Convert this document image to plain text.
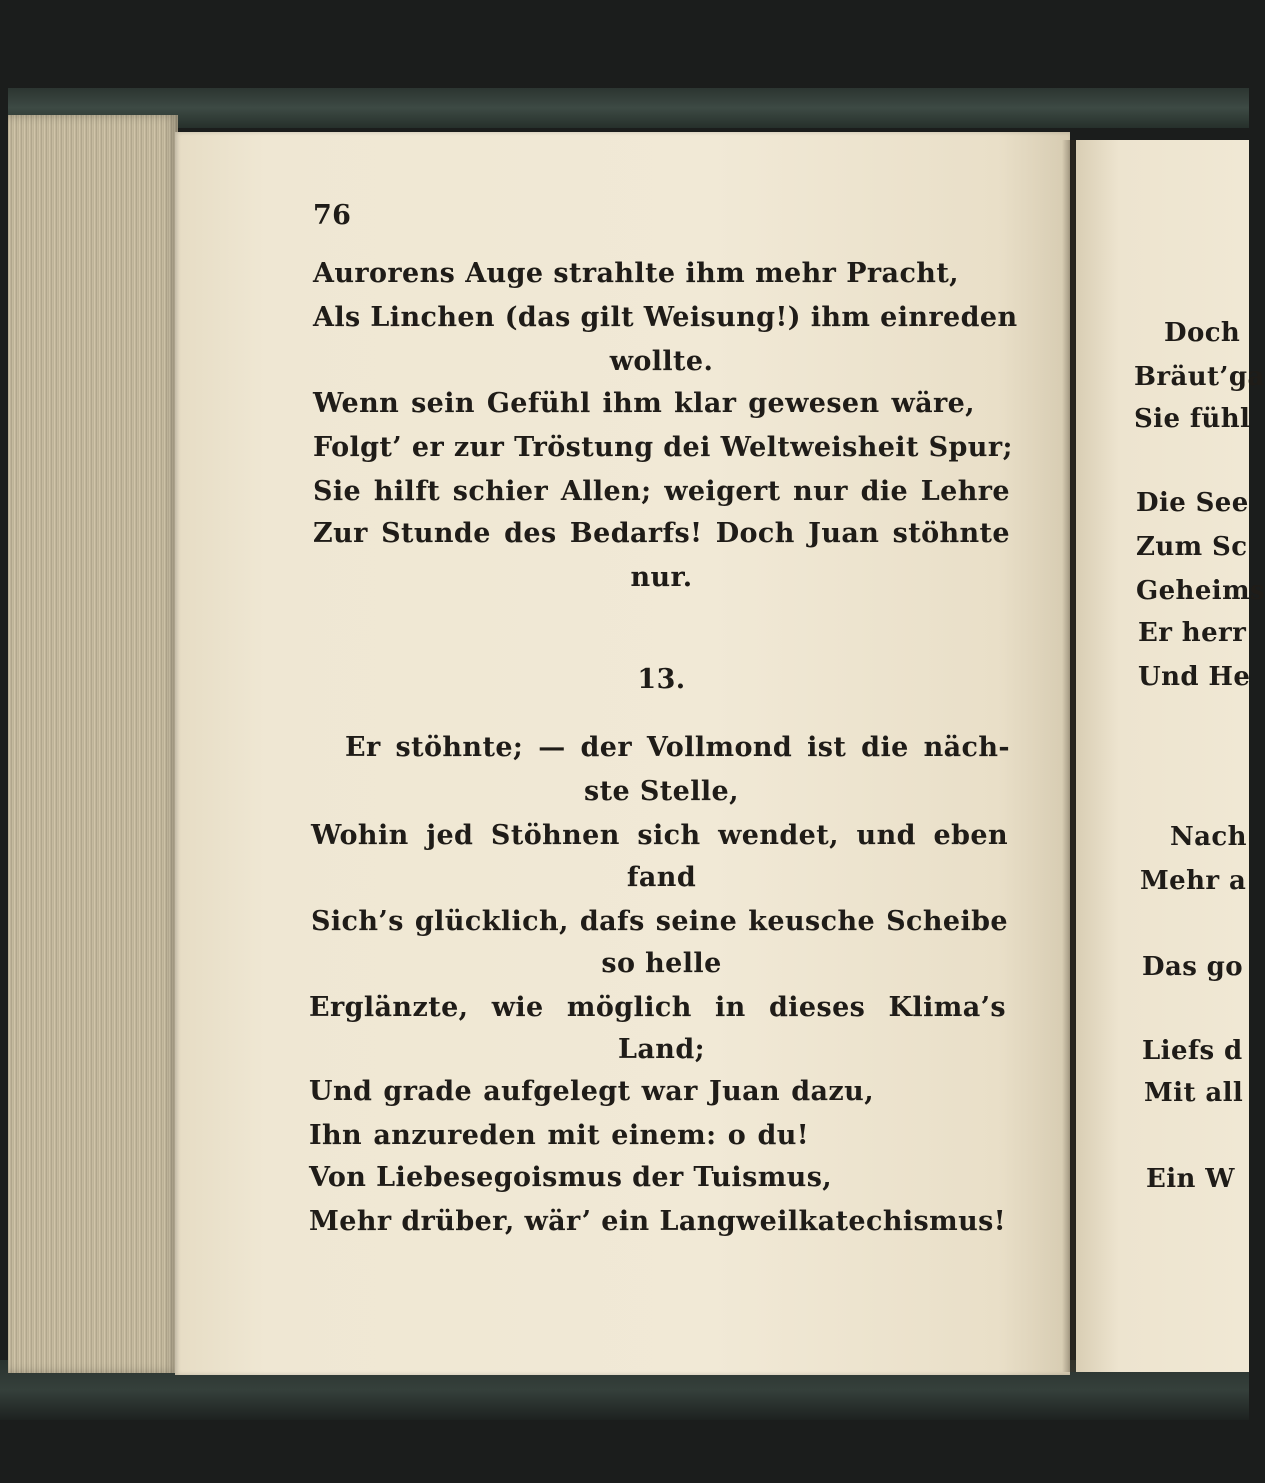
76
Aurorens Auge strahlte ihm mehr Pracht,
Als Linchen (das gilt Weisung!) ihm einreden
wollte.
Wenn sein Gefühl ihm klar gewesen wäre,
Folgt’ er zur Tröstung dei Weltweisheit Spur;
Sie hilft schier Allen; weigert nur die Lehre
Zur Stunde des Bedarfs! Doch Juan stöhnte
nur.
13.
Er stöhnte; — der Vollmond ist die näch-
ste Stelle,
Wohin jed Stöhnen sich wendet, und eben
fand
Sich’s glücklich, dafs seine keusche Scheibe
so helle
Erglänzte, wie möglich in dieses Klima’s
Land;
Und grade aufgelegt war Juan dazu,
Ihn anzureden mit einem: o du!
Von Liebesegoismus der Tuismus,
Mehr drüber, wär’ ein Langweilkatechismus!
Doch
Bräut’ga
Sie fühl
Die See
Zum Sc
Geheims
Er herr
Und He
Nach
Mehr a
Das go
Liefs d
Mit all
Ein W
